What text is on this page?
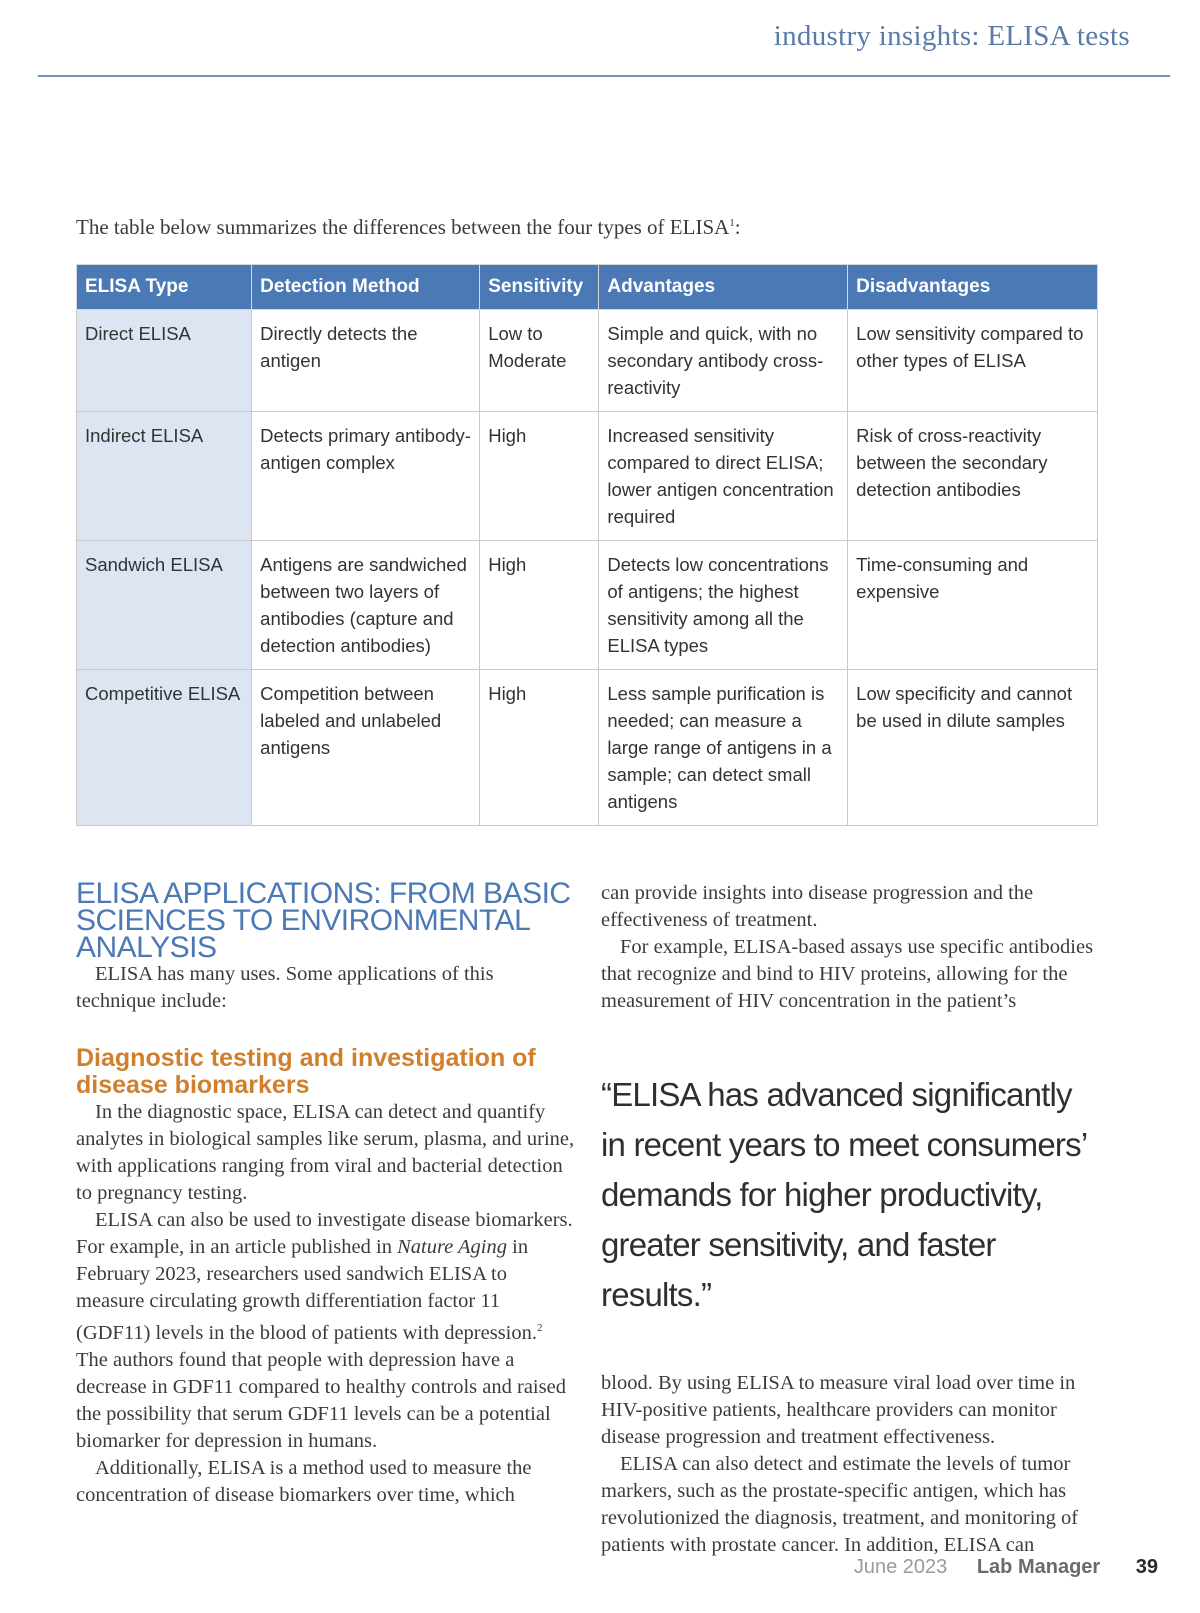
industry insights: ELISA tests
The table below summarizes the differences between the four types of ELISA$^1$:
ELISA Type	Detection Method	Sensitivity	Advantages	Disadvantages
Direct ELISA	Directly detects the antigen	Low to Moderate	Simple and quick, with no secondary antibody cross-reactivity	Low sensitivity compared to other types of ELISA
Indirect ELISA	Detects primary antibody-antigen complex	High	Increased sensitivity compared to direct ELISA; lower antigen concentration required	Risk of cross-reactivity between the secondary detection antibodies
Sandwich ELISA	Antigens are sandwiched between two layers of antibodies (capture and detection antibodies)	High	Detects low concentrations of antigens; the highest sensitivity among all the ELISA types	Time-consuming and expensive
Competitive ELISA	Competition between labeled and unlabeled antigens	High	Less sample purification is needed; can measure a large range of antigens in a sample; can detect small antigens	Low specificity and cannot be used in dilute samples
ELISA APPLICATIONS: FROM BASIC SCIENCES TO ENVIRONMENTAL ANALYSIS

ELISA has many uses. Some applications of this technique include:

Diagnostic testing and investigation of disease biomarkers

In the diagnostic space, ELISA can detect and quantify analytes in biological samples like serum, plasma, and urine, with applications ranging from viral and bacterial detection to pregnancy testing.

ELISA can also be used to investigate disease biomarkers. For example, in an article published in Nature Aging in February 2023, researchers used sandwich ELISA to measure circulating growth differentiation factor 11 (GDF11) levels in the blood of patients with depression.$^2$ The authors found that people with depression have a decrease in GDF11 compared to healthy controls and raised the possibility that serum GDF11 levels can be a potential biomarker for depression in humans.

Additionally, ELISA is a method used to measure the concentration of disease biomarkers over time, which

can provide insights into disease progression and the effectiveness of treatment.

For example, ELISA-based assays use specific antibodies that recognize and bind to HIV proteins, allowing for the measurement of HIV concentration in the patient’s

“ELISA has advanced significantly in recent years to meet consumers’ demands for higher productivity, greater sensitivity, and faster results.”

blood. By using ELISA to measure viral load over time in HIV-positive patients, healthcare providers can monitor disease progression and treatment effectiveness.

ELISA can also detect and estimate the levels of tumor markers, such as the prostate-specific antigen, which has revolutionized the diagnosis, treatment, and monitoring of patients with prostate cancer. In addition, ELISA can

June 2023 Lab Manager 39
